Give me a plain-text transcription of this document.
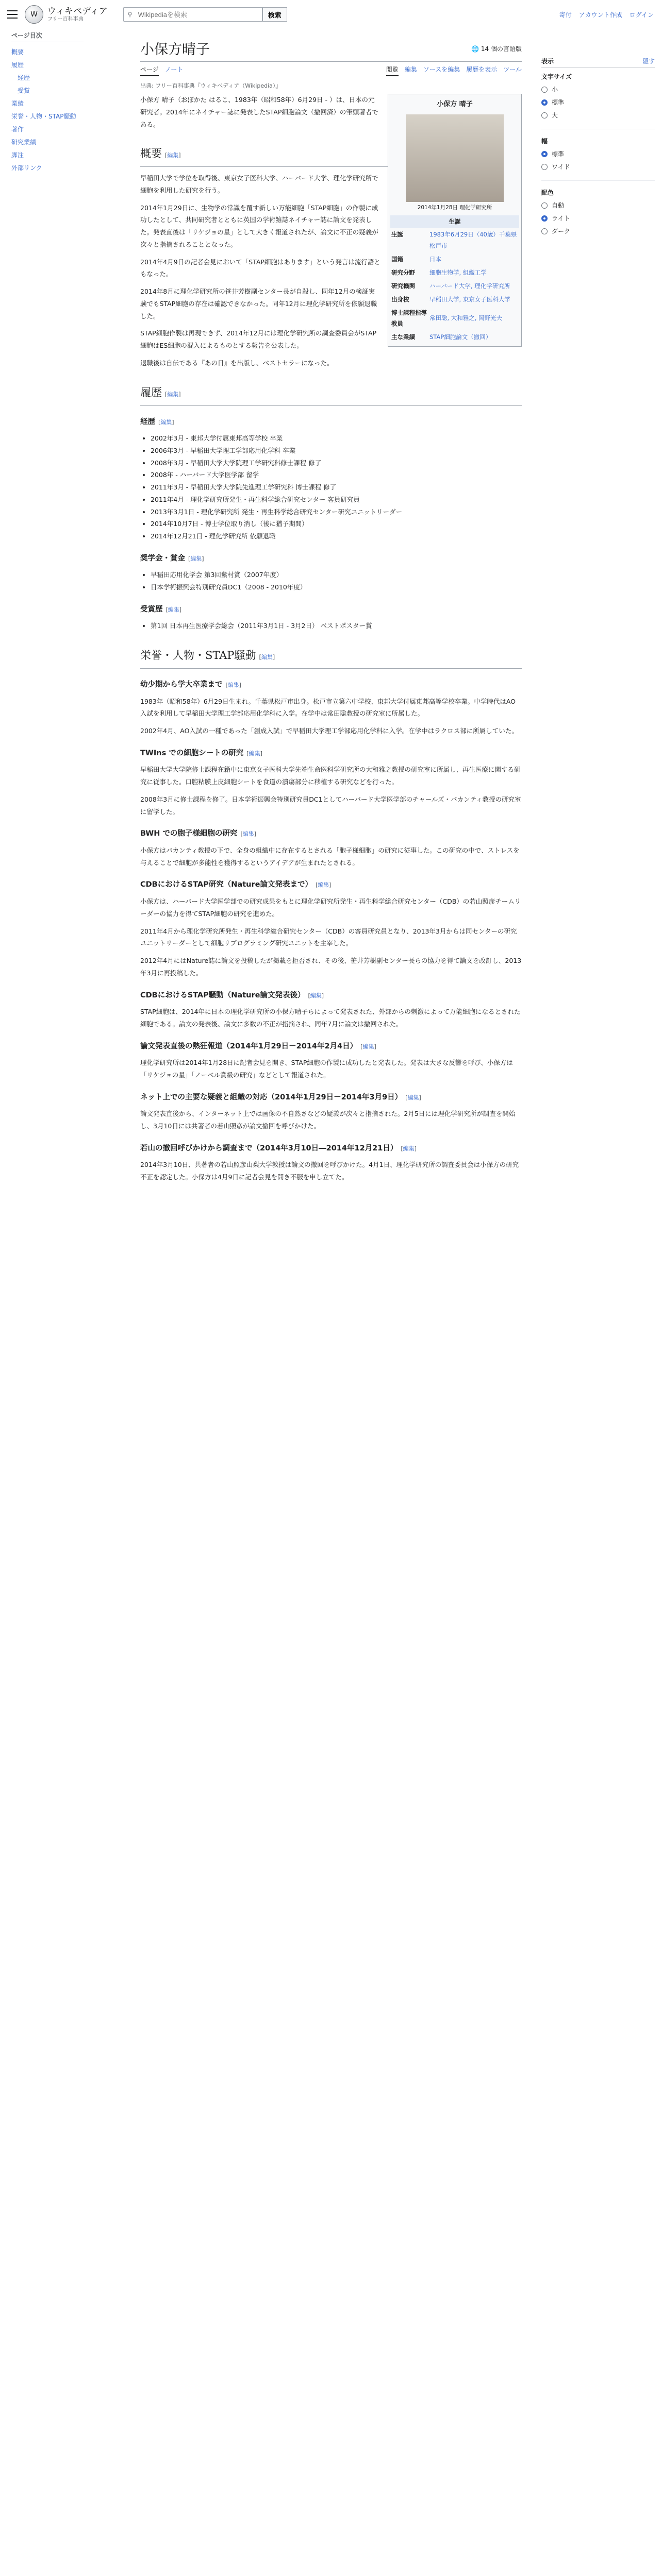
W	ウィキペディア
フリー百科事典
⚲
Wikipediaを検索	検索	寄付 アカウント作成 ログイン
ページ目次
概要
履歴
経歴
受賞
業績
栄誉・人物・STAP騒動
著作
研究業績
脚注
外部リンク
小保方晴子	🌐 14 個の言語版
ページ ノート	閲覧 編集 ソースを編集 履歴を表示 ツール
出典: フリー百科事典『ウィキペディア（Wikipedia）』
小保方 晴子
2014年1月28日 理化学研究所
生誕
生誕	1983年6月29日（40歳）千葉県松戸市
国籍	日本
研究分野	細胞生物学, 組織工学
研究機関	ハーバード大学, 理化学研究所
出身校	早稲田大学, 東京女子医科大学
博士課程指導教員	常田聡, 大和雅之, 岡野光夫
主な業績	STAP細胞論文（撤回）

小保方 晴子（おぼかた はるこ、1983年（昭和58年）6月29日 - ）は、日本の元研究者。2014年にネイチャー誌に発表したSTAP細胞論文（撤回済）の筆頭著者である。

概要 [編集]

早稲田大学で学位を取得後、東京女子医科大学、ハーバード大学、理化学研究所で細胞を利用した研究を行う。

2014年1月29日に、生物学の常識を覆す新しい万能細胞「STAP細胞」の作製に成功したとして、共同研究者とともに英国の学術雑誌ネイチャー誌に論文を発表した。発表直後は「リケジョの星」として大きく報道されたが、論文に不正の疑義が次々と指摘されることとなった。

2014年4月9日の記者会見において「STAP細胞はあります」という発言は流行語ともなった。

2014年8月に理化学研究所の笹井芳樹副センター長が自殺し、同年12月の検証実験でもSTAP細胞の存在は確認できなかった。同年12月に理化学研究所を依願退職した。

STAP細胞作製は再現できず、2014年12月には理化学研究所の調査委員会がSTAP細胞はES細胞の混入によるものとする報告を公表した。

退職後は自伝である『あの日』を出版し、ベストセラーになった。

履歴 [編集]
経歴 [編集]
• 2002年3月 - 東邦大学付属東邦高等学校 卒業
• 2006年3月 - 早稲田大学理工学部応用化学科 卒業
• 2008年3月 - 早稲田大学大学院理工学研究科修士課程 修了
• 2008年 - ハーバード大学医学部 留学
• 2011年3月 - 早稲田大学大学院先進理工学研究科 博士課程 修了
• 2011年4月 - 理化学研究所発生・再生科学総合研究センター 客員研究員
• 2013年3月1日 - 理化学研究所 発生・再生科学総合研究センター研究ユニットリーダー
• 2014年10月7日 - 博士学位取り消し（後に猶予期間）
• 2014年12月21日 - 理化学研究所 依願退職
奨学金・賞金 [編集]
• 早稲田応用化学会 第3回紫村賞（2007年度）
• 日本学術振興会特別研究員DC1（2008 - 2010年度）
受賞歴 [編集]
• 第1回 日本再生医療学会総会（2011年3月1日 - 3月2日） ベストポスター賞
栄誉・人物・STAP騒動 [編集]
幼少期から学大卒業まで [編集]

1983年（昭和58年）6月29日生まれ。千葉県松戸市出身。松戸市立第六中学校、東邦大学付属東邦高等学校卒業。中学時代はAO入試を利用して早稲田大学理工学部応用化学科に入学。在学中は常田聡教授の研究室に所属した。

2002年4月、AO入試の一種であった「創成入試」で早稲田大学理工学部応用化学科に入学。在学中はラクロス部に所属していた。

TWIns での細胞シートの研究 [編集]

早稲田大学大学院修士課程在籍中に東京女子医科大学先端生命医科学研究所の大和雅之教授の研究室に所属し、再生医療に関する研究に従事した。口腔粘膜上皮細胞シートを食道の潰瘍部分に移植する研究などを行った。

2008年3月に修士課程を修了。日本学術振興会特別研究員DC1としてハーバード大学医学部のチャールズ・バカンティ教授の研究室に留学した。

BWH での胞子様細胞の研究 [編集]

小保方はバカンティ教授の下で、全身の組織中に存在するとされる「胞子様細胞」の研究に従事した。この研究の中で、ストレスを与えることで細胞が多能性を獲得するというアイデアが生まれたとされる。

CDBにおけるSTAP研究（Nature論文発表まで） [編集]

小保方は、ハーバード大学医学部での研究成果をもとに理化学研究所発生・再生科学総合研究センター（CDB）の若山照彦チームリーダーの協力を得てSTAP細胞の研究を進めた。

2011年4月から理化学研究所発生・再生科学総合研究センター（CDB）の客員研究員となり、2013年3月からは同センターの研究ユニットリーダーとして細胞リプログラミング研究ユニットを主宰した。

2012年4月にはNature誌に論文を投稿したが掲載を拒否され、その後、笹井芳樹副センター長らの協力を得て論文を改訂し、2013年3月に再投稿した。

CDBにおけるSTAP騒動（Nature論文発表後） [編集]

STAP細胞は、2014年に日本の理化学研究所の小保方晴子らによって発表された、外部からの刺激によって万能細胞になるとされた細胞である。論文の発表後、論文に多数の不正が指摘され、同年7月に論文は撤回された。

論文発表直後の熱狂報道（2014年1月29日－2014年2月4日） [編集]

理化学研究所は2014年1月28日に記者会見を開き、STAP細胞の作製に成功したと発表した。発表は大きな反響を呼び、小保方は「リケジョの星」「ノーベル賞級の研究」などとして報道された。

ネット上での主要な疑義と組織の対応（2014年1月29日－2014年3月9日） [編集]

論文発表直後から、インターネット上では画像の不自然さなどの疑義が次々と指摘された。2月5日には理化学研究所が調査を開始し、3月10日には共著者の若山照彦が論文撤回を呼びかけた。

若山の撤回呼びかけから調査まで（2014年3月10日―2014年12月21日） [編集]

2014年3月10日、共著者の若山照彦山梨大学教授は論文の撤回を呼びかけた。4月1日、理化学研究所の調査委員会は小保方の研究不正を認定した。小保方は4月9日に記者会見を開き不服を申し立てた。

表示	隠す
文字サイズ
小
標準
大
幅
標準
ワイド
配色
自動
ライト
ダーク
